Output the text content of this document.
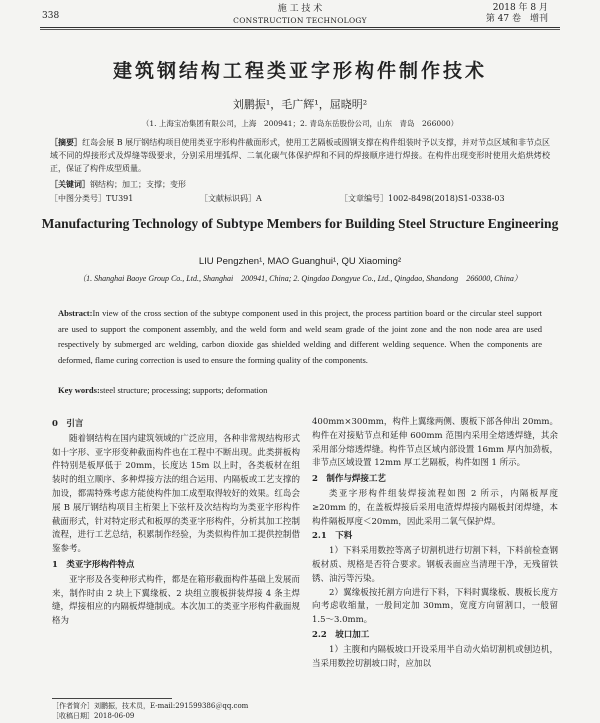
338
施 工 技 术
CONSTRUCTION TECHNOLOGY
2018 年 8 月
第 47 卷　增刊
建筑钢结构工程类亚字形构件制作技术
刘鹏振¹，毛广辉¹，屈晓明²
（1. 上海宝冶集团有限公司，上海　200941；2. 青岛东岳股份公司，山东　青岛　266000）
［摘要］红岛会展 B 展厅钢结构项目使用类亚字形构件截面形式，使用工艺隔板或圆钢支撑在构件组装时予以支撑，并对节点区域和非节点区域不同的焊接形式及焊缝等级要求，分别采用埋弧焊、二氧化碳气体保护焊和不同的焊接顺序进行焊接。在构件出现变形时使用火焰烘烤校正，保证了构件成型质量。
［关键词］钢结构；加工；支撑；变形
［中图分类号］TU391	［文献标识码］A	［文章编号］1002-8498(2018)S1-0338-03
Manufacturing Technology of Subtype Members for Building Steel Structure Engineering
LIU Pengzhen¹, MAO Guanghui¹, QU Xiaoming²
（1. Shanghai Baoye Group Co., Ltd., Shanghai　200941, China; 2. Qingdao Dongyue Co., Ltd., Qingdao, Shandong　266000, China）
Abstract:In view of the cross section of the subtype component used in this project, the process partition board or the circular steel support are used to support the component assembly, and the weld form and weld seam grade of the joint zone and the non node area are used respectively by submerged arc welding, carbon dioxide gas shielded welding and different welding sequence. When the components are deformed, flame curing correction is used to ensure the forming quality of the components.
Key words:steel structure; processing; supports; deformation

0　引言

随着钢结构在国内建筑领域的广泛应用，各种非常规结构形式如十字形、亚字形变种截面构件也在工程中不断出现。此类拼板构件特别是板厚低于 20mm，长度达 15m 以上时，各类板材在组装时的组立顺序、多种焊接方法的组合运用、内隔板或工艺支撑的加设，都需特殊考虑方能使构件加工成型取得较好的效果。红岛会展 B 展厅钢结构项目主桁架上下弦杆及次结构均为类亚字形构件截面形式，针对特定形式和板厚的类亚字形构件，分析其加工控制流程，进行工艺总结，积累制作经验，为类似构件加工提供控制借鉴参考。

1　类亚字形构件特点

亚字形及各变种形式构件，都是在箱形截面构件基础上发展而来，制作时由 2 块上下翼缘板、2 块组立腹板拼装焊接 4 条主焊缝，焊接相应的内隔板焊缝制成。本次加工的类亚字形构件截面规格为

400mm×300mm，构件上翼缘两侧、腹板下部各伸出 20mm。构件在对接贴节点和延伸 600mm 范围内采用全熔透焊缝，其余采用部分熔透焊缝。构件节点区域内部设置 16mm 厚内加劲板，非节点区域设置 12mm 厚工艺隔板，构件如图 1 所示。

2　制作与焊接工艺

类亚字形构件组装焊接流程如图 2 所示，内隔板厚度≥20mm 的，在盖板焊接后采用电渣焊焊接内隔板封闭焊缝，本构件隔板厚度＜20mm，因此采用二氧气保护焊。

2.1　下料

1）下料采用数控等离子切割机进行切割下料，下料前检查钢板材质、规格是否符合要求。钢板表面应当清理干净，无残留铁锈、油污等污染。

2）翼缘板按托割方向进行下料，下料时翼缘板、腹板长度方向考虑收缩量，一般间定加 30mm，宽度方向留割口，一般留 1.5～3.0mm。

2.2　坡口加工

1）主腹和内隔板坡口开设采用半自动火焰切割机或刨边机，当采用数控切割坡口时，应加以

［作者简介］刘鹏振，技术员，E-mail:291599386＠qq.com
［收稿日期］2018-06-09
